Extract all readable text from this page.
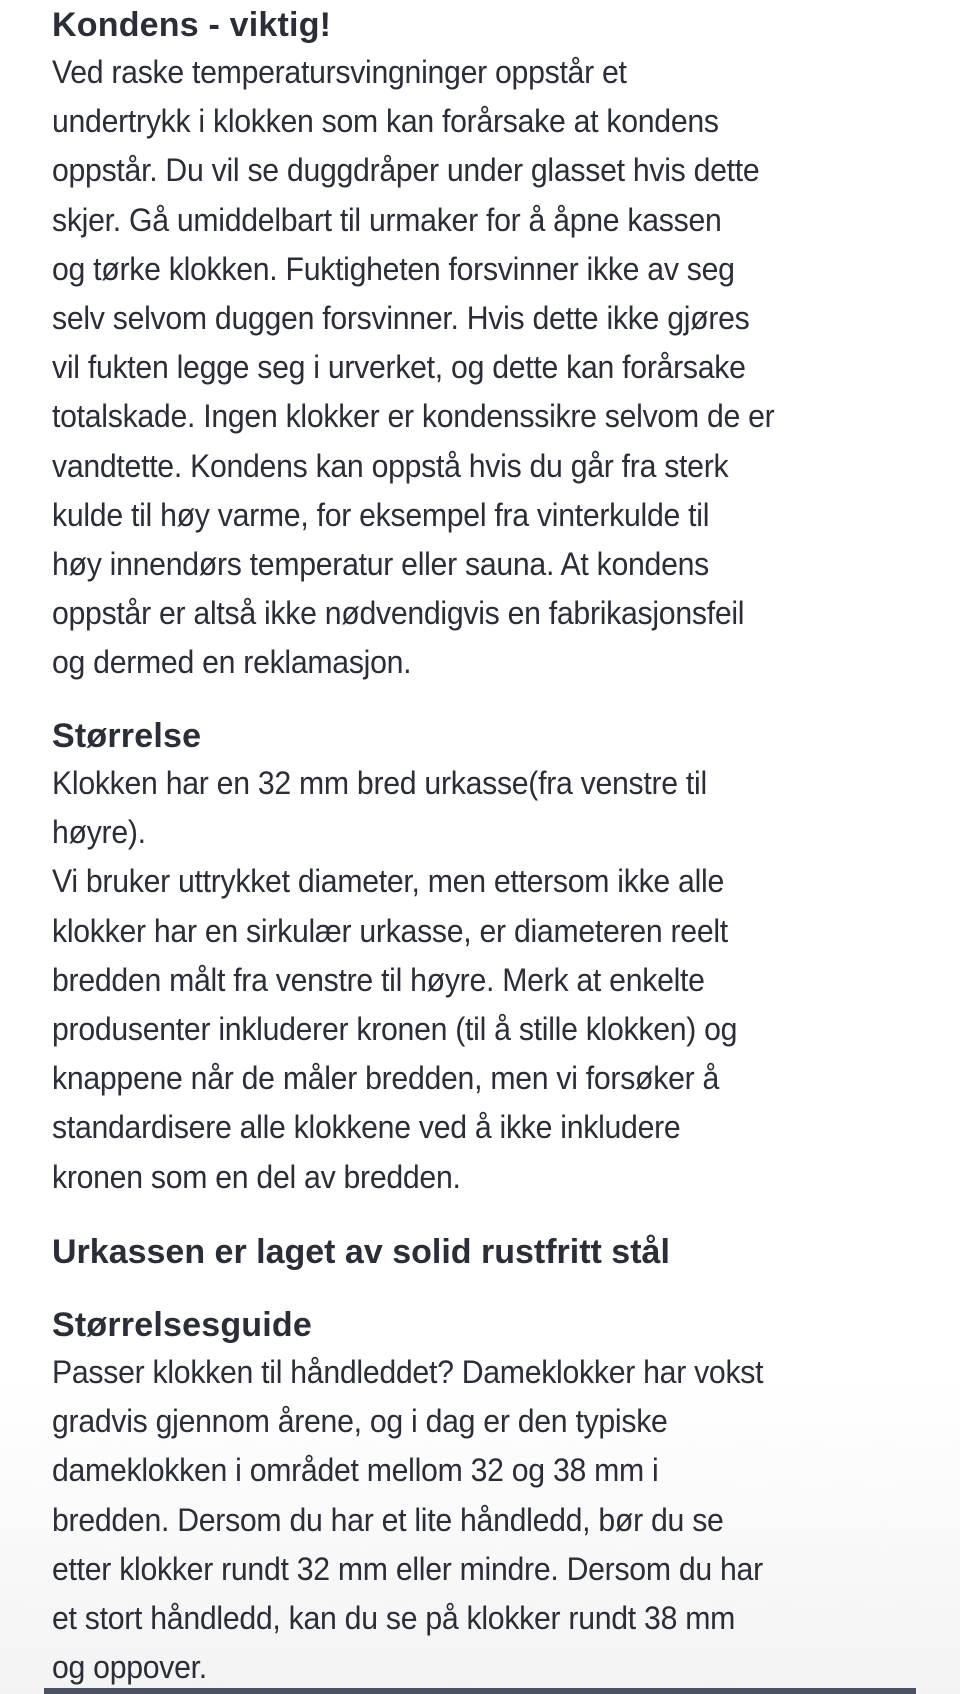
Kondens - viktig!
Ved raske temperatursvingninger oppstår et
undertrykk i klokken som kan forårsake at kondens
oppstår. Du vil se duggdråper under glasset hvis dette
skjer. Gå umiddelbart til urmaker for å åpne kassen
og tørke klokken. Fuktigheten forsvinner ikke av seg
selv selvom duggen forsvinner. Hvis dette ikke gjøres
vil fukten legge seg i urverket, og dette kan forårsake
totalskade. Ingen klokker er kondenssikre selvom de er
vandtette. Kondens kan oppstå hvis du går fra sterk
kulde til høy varme, for eksempel fra vinterkulde til
høy innendørs temperatur eller sauna. At kondens
oppstår er altså ikke nødvendigvis en fabrikasjonsfeil
og dermed en reklamasjon.
Størrelse
Klokken har en 32 mm bred urkasse(fra venstre til
høyre).
Vi bruker uttrykket diameter, men ettersom ikke alle
klokker har en sirkulær urkasse, er diameteren reelt
bredden målt fra venstre til høyre. Merk at enkelte
produsenter inkluderer kronen (til å stille klokken) og
knappene når de måler bredden, men vi forsøker å
standardisere alle klokkene ved å ikke inkludere
kronen som en del av bredden.
Urkassen er laget av solid rustfritt stål
Størrelsesguide
Passer klokken til håndleddet? Dameklokker har vokst
gradvis gjennom årene, og i dag er den typiske
dameklokken i området mellom 32 og 38 mm i
bredden. Dersom du har et lite håndledd, bør du se
etter klokker rundt 32 mm eller mindre. Dersom du har
et stort håndledd, kan du se på klokker rundt 38 mm
og oppover.
